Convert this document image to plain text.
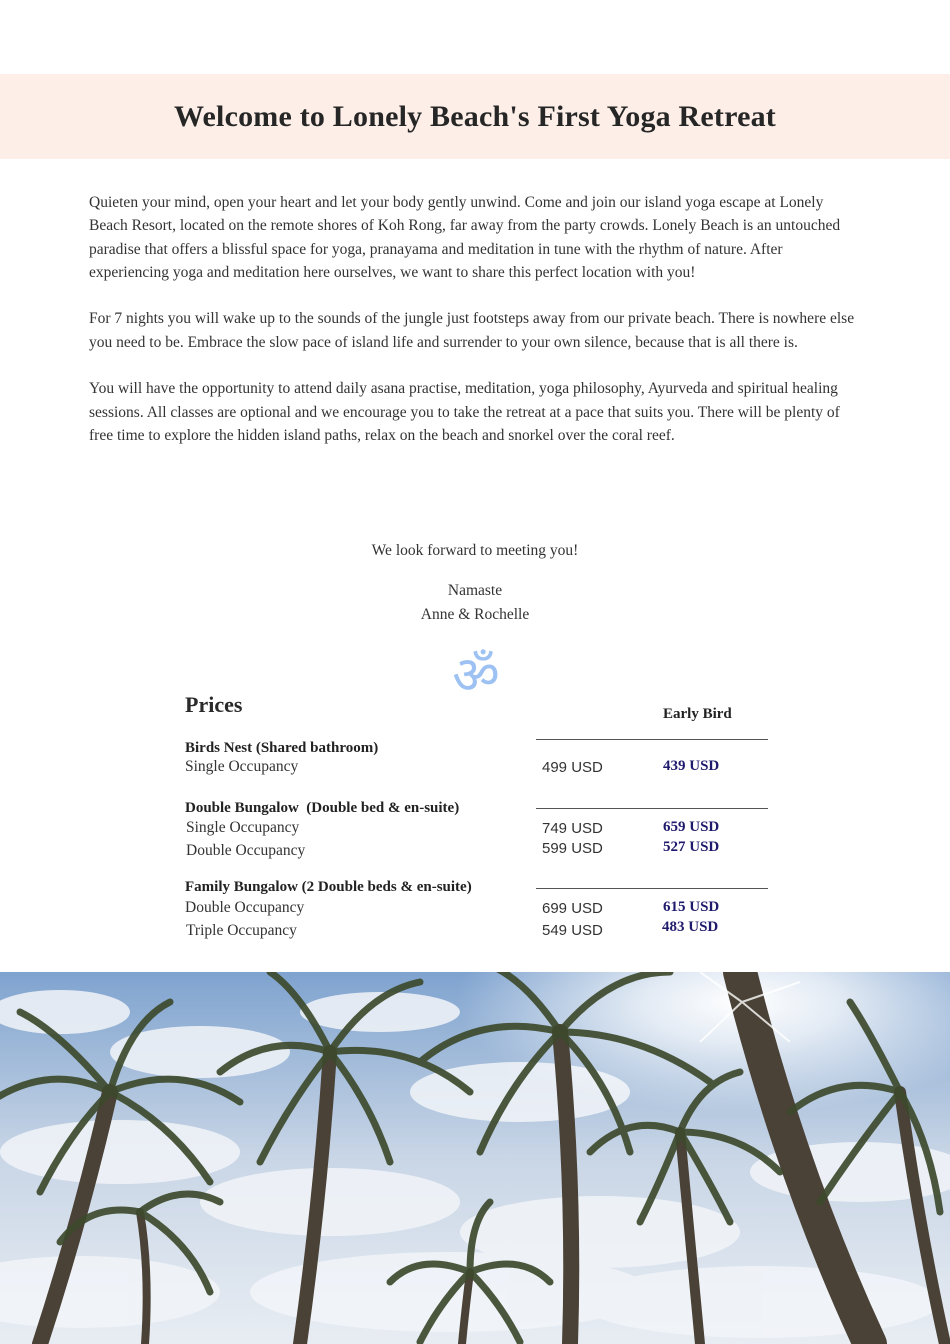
Welcome to Lonely Beach's First Yoga Retreat

Quieten your mind, open your heart and let your body gently unwind. Come and join our island yoga escape at Lonely Beach Resort, located on the remote shores of Koh Rong, far away from the party crowds. Lonely Beach is an untouched paradise that offers a blissful space for yoga, pranayama and meditation in tune with the rhythm of nature. After experiencing yoga and meditation here ourselves, we want to share this perfect location with you!

For 7 nights you will wake up to the sounds of the jungle just footsteps away from our private beach. There is nowhere else you need to be. Embrace the slow pace of island life and surrender to your own silence, because that is all there is.

You will have the opportunity to attend daily asana practise, meditation, yoga philosophy, Ayurveda and spiritual healing sessions. All classes are optional and we encourage you to take the retreat at a pace that suits you. There will be plenty of free time to explore the hidden island paths, relax on the beach and snorkel over the coral reef.

We look forward to meeting you!
Namaste
Anne & Rochelle
ॐ
Prices	Early Bird
Birds Nest (Shared bathroom)
Single Occupancy	499 USD	439 USD
Double Bungalow  (Double bed & en-suite)
Single Occupancy	749 USD	659 USD
Double Occupancy	599 USD	527 USD
Family Bungalow (2 Double beds & en-suite)
Double Occupancy	699 USD	615 USD
Triple Occupancy	549 USD	483 USD
